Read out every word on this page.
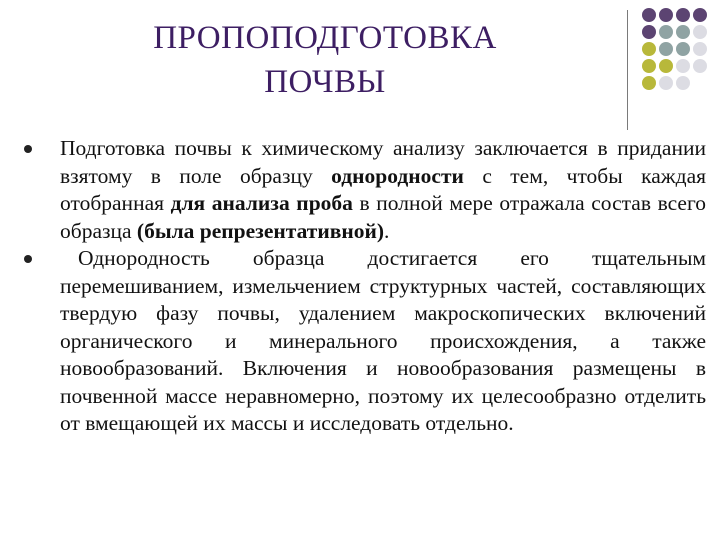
ПРОПОПОДГОТОВКА
ПОЧВЫ
Подготовка почвы к химическому анализу заключается в придании взятому в поле образцу однородности с тем, чтобы каждая отобранная для анализа проба в полной мере отражала состав всего образца (была репрезентативной).
Однородность образца достигается его тщательным перемешиванием, измельчением структурных частей, составляющих твердую фазу почвы, удалением макроскопических включений органического и минерального происхождения, а также новообразований. Включения и новообразования размещены в почвенной массе неравномерно, поэтому их целесообразно отделить от вмещающей их массы и исследовать отдельно.
